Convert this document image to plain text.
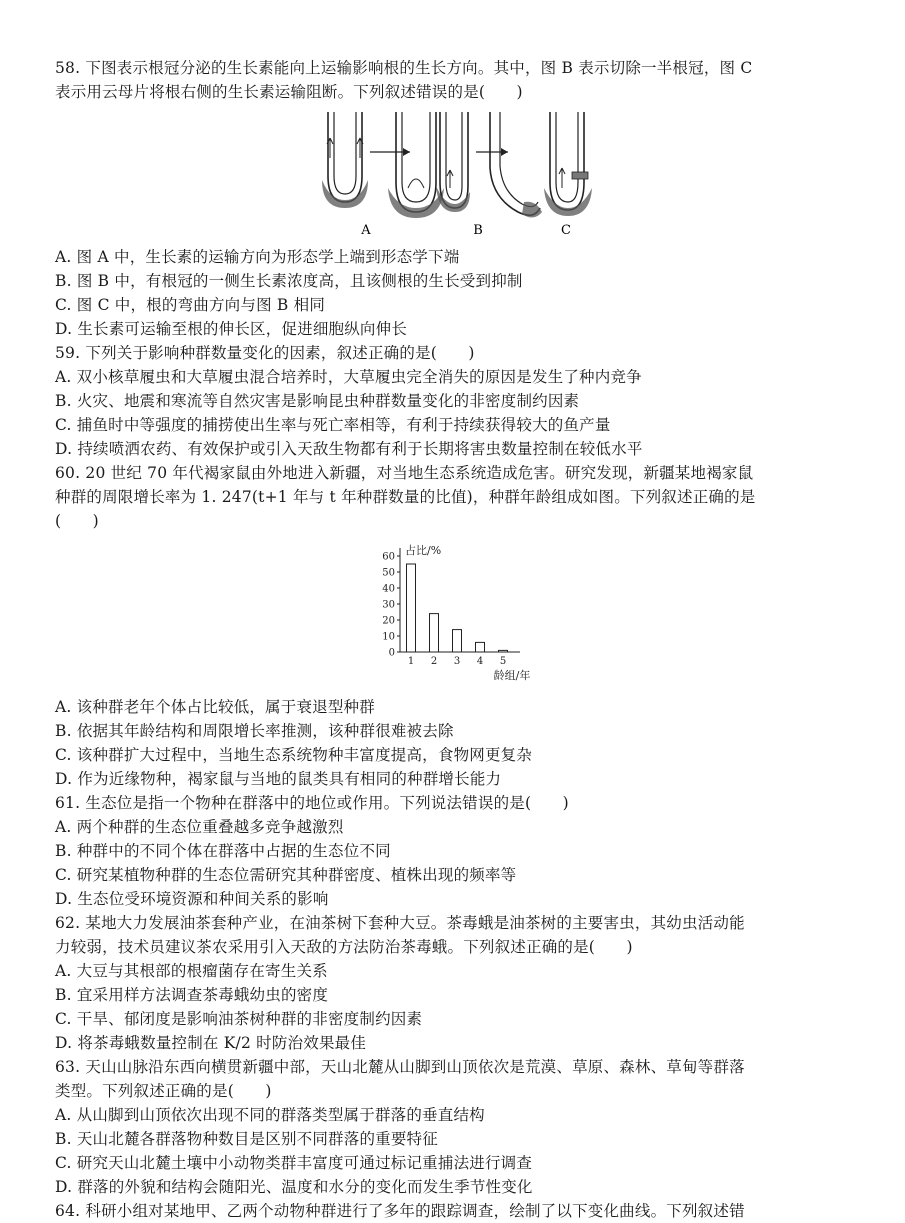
58. 下图表示根冠分泌的生长素能向上运输影响根的生长方向。其中，图 B 表示切除一半根冠，图 C
表示用云母片将根右侧的生长素运输阻断。下列叙述错误的是(　　)
A	B	C
A. 图 A 中，生长素的运输方向为形态学上端到形态学下端
B. 图 B 中，有根冠的一侧生长素浓度高，且该侧根的生长受到抑制
C. 图 C 中，根的弯曲方向与图 B 相同
D. 生长素可运输至根的伸长区，促进细胞纵向伸长
59. 下列关于影响种群数量变化的因素，叙述正确的是(　　)
A. 双小核草履虫和大草履虫混合培养时，大草履虫完全消失的原因是发生了种内竞争
B. 火灾、地震和寒流等自然灾害是影响昆虫种群数量变化的非密度制约因素
C. 捕鱼时中等强度的捕捞使出生率与死亡率相等，有利于持续获得较大的鱼产量
D. 持续喷洒农药、有效保护或引入天敌生物都有利于长期将害虫数量控制在较低水平
60. 20 世纪 70 年代褐家鼠由外地进入新疆，对当地生态系统造成危害。研究发现，新疆某地褐家鼠
种群的周限增长率为 1. 247(t+1 年与 t 年种群数量的比值)，种群年龄组成如图。下列叙述正确的是
(　　)
0
10
20
30
40
50
60
1 2 3 4 5
占比/%
龄组/年
A. 该种群老年个体占比较低，属于衰退型种群
B. 依据其年龄结构和周限增长率推测，该种群很难被去除
C. 该种群扩大过程中，当地生态系统物种丰富度提高，食物网更复杂
D. 作为近缘物种，褐家鼠与当地的鼠类具有相同的种群增长能力
61. 生态位是指一个物种在群落中的地位或作用。下列说法错误的是(　　)
A. 两个种群的生态位重叠越多竞争越激烈
B. 种群中的不同个体在群落中占据的生态位不同
C. 研究某植物种群的生态位需研究其种群密度、植株出现的频率等
D. 生态位受环境资源和种间关系的影响
62. 某地大力发展油茶套种产业，在油茶树下套种大豆。茶毒蛾是油茶树的主要害虫，其幼虫活动能
力较弱，技术员建议茶农采用引入天敌的方法防治茶毒蛾。下列叙述正确的是(　　)
A. 大豆与其根部的根瘤菌存在寄生关系
B. 宜采用样方法调查茶毒蛾幼虫的密度
C. 干旱、郁闭度是影响油茶树种群的非密度制约因素
D. 将茶毒蛾数量控制在 K/2 时防治效果最佳
63. 天山山脉沿东西向横贯新疆中部，天山北麓从山脚到山顶依次是荒漠、草原、森林、草甸等群落
类型。下列叙述正确的是(　　)
A. 从山脚到山顶依次出现不同的群落类型属于群落的垂直结构
B. 天山北麓各群落物种数目是区别不同群落的重要特征
C. 研究天山北麓土壤中小动物类群丰富度可通过标记重捕法进行调查
D. 群落的外貌和结构会随阳光、温度和水分的变化而发生季节性变化
64. 科研小组对某地甲、乙两个动物种群进行了多年的跟踪调查，绘制了以下变化曲线。下列叙述错
